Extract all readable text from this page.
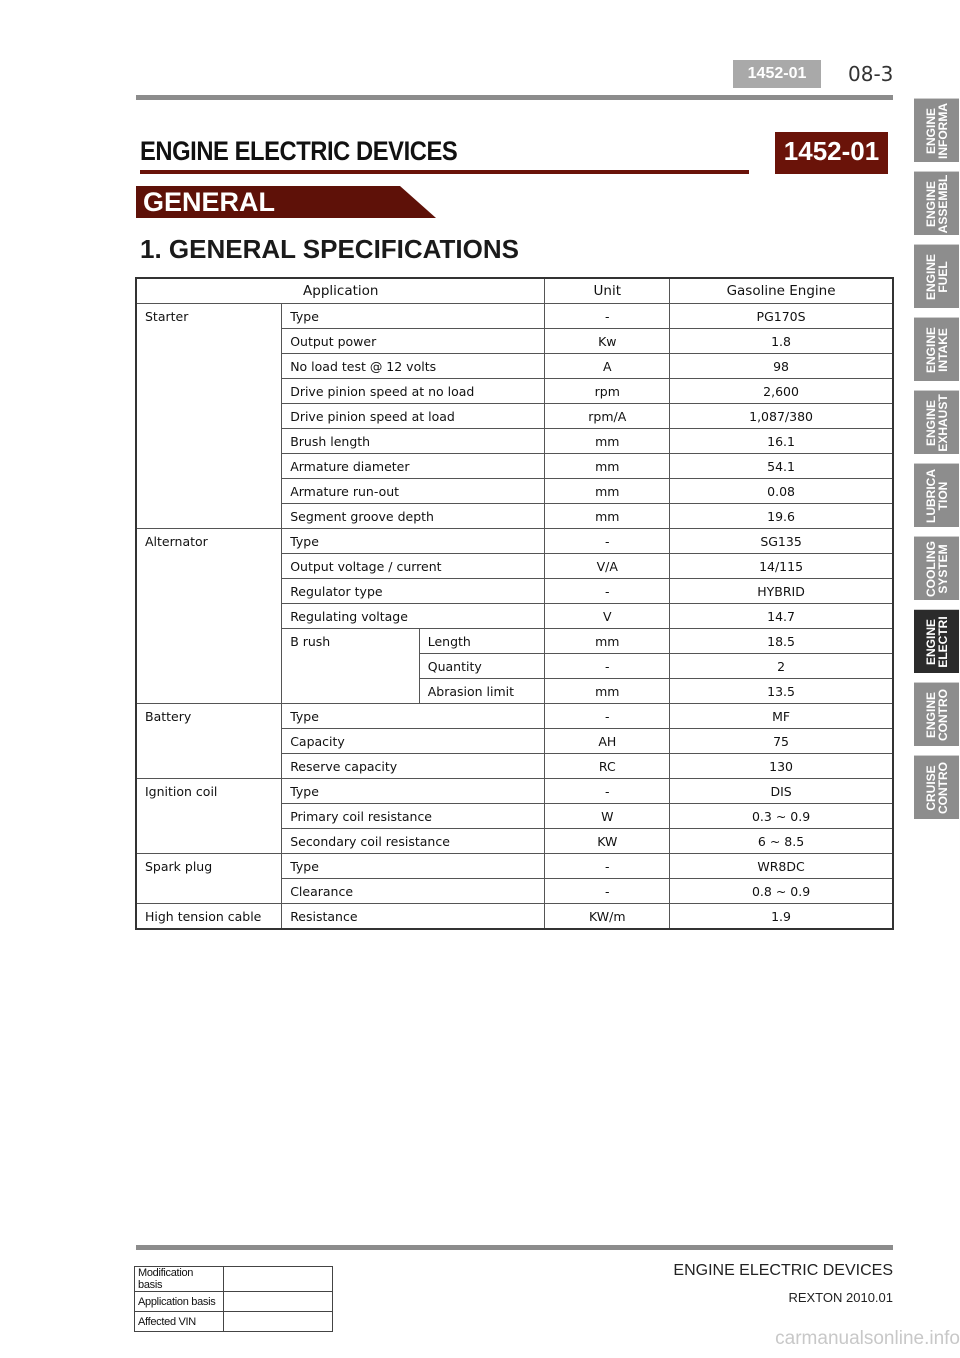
1452-01	08-3
ENGINE ELECTRIC DEVICES	1452-01
GENERAL
1. GENERAL SPECIFICATIONS
Application			Unit	Gasoline Engine
Starter	Type		-	PG170S
	Output power		Kw	1.8
	No load test @ 12 volts		A	98
	Drive pinion speed at no load		rpm	2,600
	Drive pinion speed at load		rpm/A	1,087/380
	Brush length		mm	16.1
	Armature diameter		mm	54.1
	Armature run-out		mm	0.08
	Segment groove depth		mm	19.6
Alternator	Type		-	SG135
	Output voltage / current		V/A	14/115
	Regulator type		-	HYBRID
	Regulating voltage		V	14.7
	B rush	Length	mm	18.5
		Quantity	-	2
		Abrasion limit	mm	13.5
Battery	Type		-	MF
	Capacity		AH	75
	Reserve capacity		RC	130
Ignition coil	Type		-	DIS
	Primary coil resistance		W	0.3 ~ 0.9
	Secondary coil resistance		KW	6 ~ 8.5
Spark plug	Type		-	WR8DC
	Clearance		-	0.8 ~ 0.9
High tension cable	Resistance		KW/m	1.9
ENGINE
INFORMA
ENGINE
ASSEMBL
ENGINE
FUEL
ENGINE
INTAKE
ENGINE
EXHAUST
LUBRICA
TION
COOLING
SYSTEM
ENGINE
ELECTRI
ENGINE
CONTRO
CRUISE
CONTRO
ENGINE ELECTRIC DEVICES
REXTON 2010.01
Modification basis	
Application basis	
Affected VIN	
carmanualsonline.info
